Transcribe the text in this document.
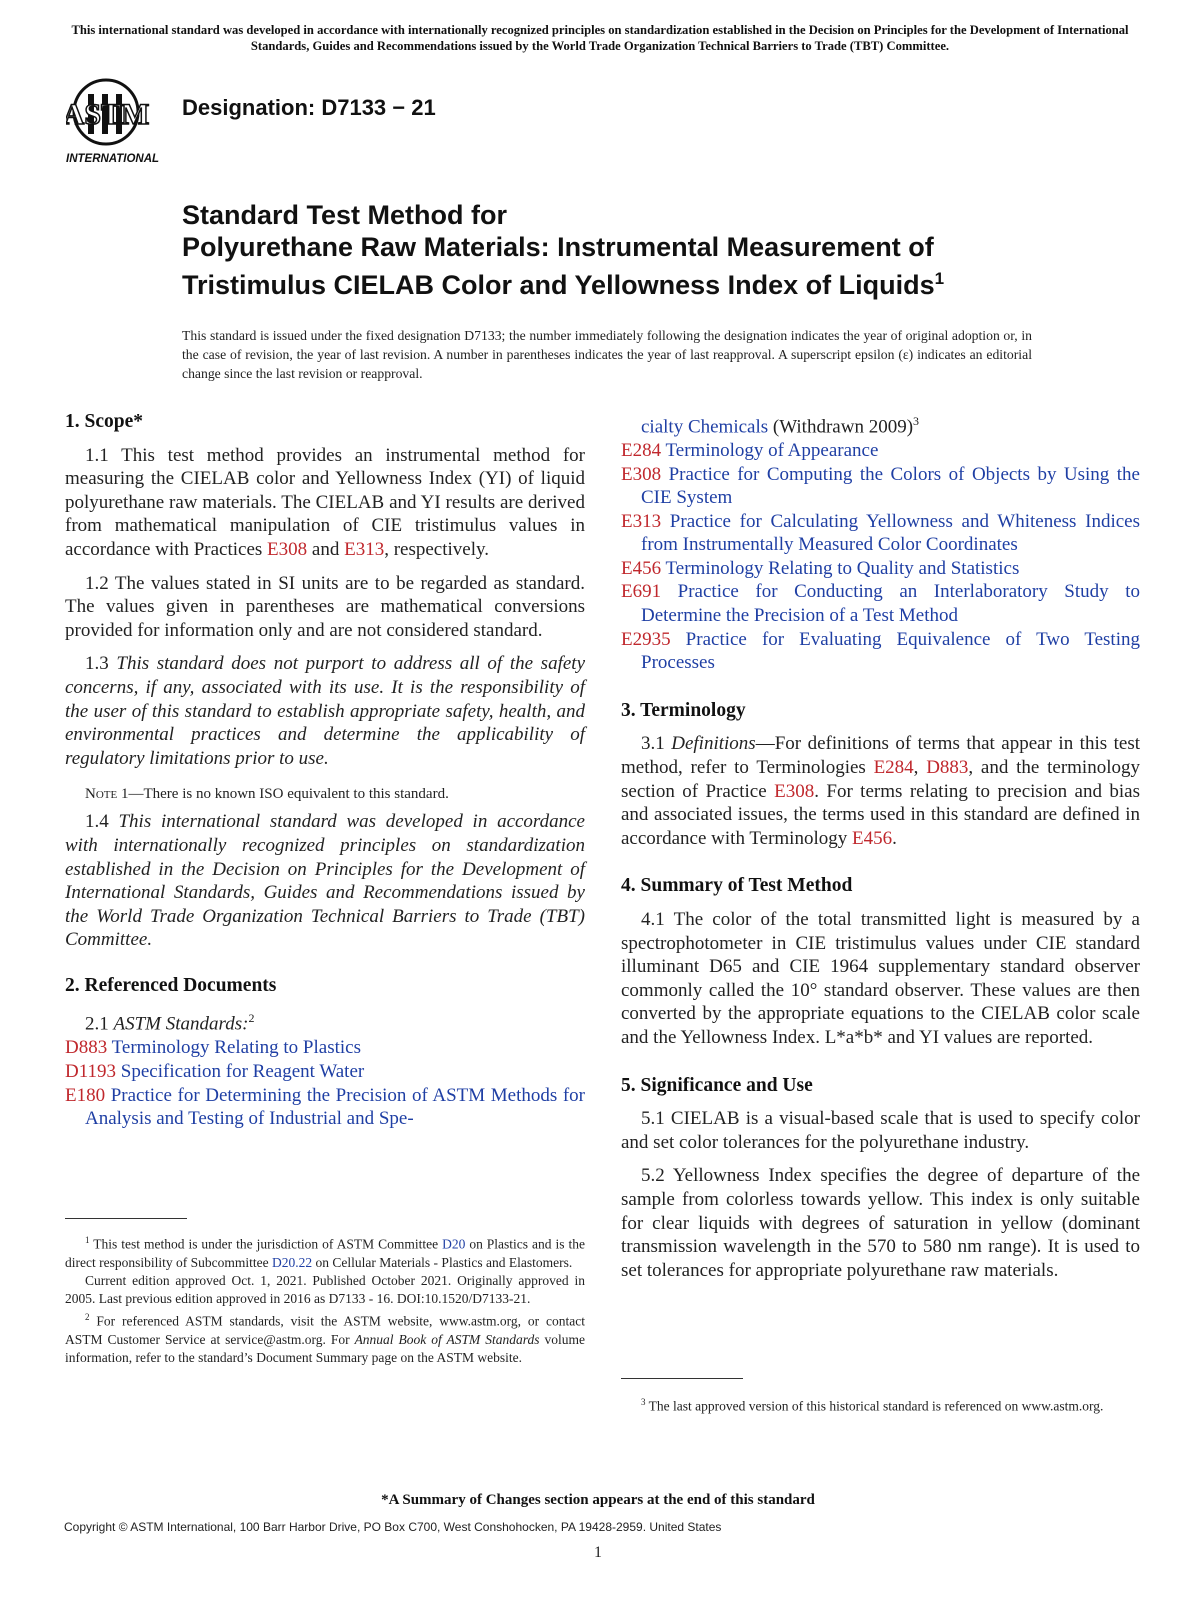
This international standard was developed in accordance with internationally recognized principles on standardization established in the Decision on Principles for the Development of International Standards, Guides and Recommendations issued by the World Trade Organization Technical Barriers to Trade (TBT) Committee.
ASTM
INTERNATIONAL
Designation: D7133 − 21
Standard Test Method for
Polyurethane Raw Materials: Instrumental Measurement of
Tristimulus CIELAB Color and Yellowness Index of Liquids$^1$
This standard is issued under the fixed designation D7133; the number immediately following the designation indicates the year of original adoption or, in the case of revision, the year of last revision. A number in parentheses indicates the year of last reapproval. A superscript epsilon (ε) indicates an editorial change since the last revision or reapproval.
1. Scope*

1.1 This test method provides an instrumental method for measuring the CIELAB color and Yellowness Index (YI) of liquid polyurethane raw materials. The CIELAB and YI results are derived from mathematical manipulation of CIE tristimulus values in accordance with Practices E308 and E313, respectively.

1.2 The values stated in SI units are to be regarded as standard. The values given in parentheses are mathematical conversions provided for information only and are not considered standard.

1.3 This standard does not purport to address all of the safety concerns, if any, associated with its use. It is the responsibility of the user of this standard to establish appropriate safety, health, and environmental practices and determine the applicability of regulatory limitations prior to use.

Note 1—There is no known ISO equivalent to this standard.

1.4 This international standard was developed in accordance with internationally recognized principles on standardization established in the Decision on Principles for the Development of International Standards, Guides and Recommendations issued by the World Trade Organization Technical Barriers to Trade (TBT) Committee.

2. Referenced Documents

2.1 ASTM Standards:$^2$

D883 Terminology Relating to Plastics
D1193 Specification for Reagent Water
E180 Practice for Determining the Precision of ASTM Methods for Analysis and Testing of Industrial and Spe-

$^1$ This test method is under the jurisdiction of ASTM Committee D20 on Plastics and is the direct responsibility of Subcommittee D20.22 on Cellular Materials - Plastics and Elastomers.

Current edition approved Oct. 1, 2021. Published October 2021. Originally approved in 2005. Last previous edition approved in 2016 as D7133 - 16. DOI:10.1520/D7133-21.

$^2$ For referenced ASTM standards, visit the ASTM website, www.astm.org, or contact ASTM Customer Service at service@astm.org. For Annual Book of ASTM Standards volume information, refer to the standard’s Document Summary page on the ASTM website.

cialty Chemicals (Withdrawn 2009)$^3$
E284 Terminology of Appearance
E308 Practice for Computing the Colors of Objects by Using the CIE System
E313 Practice for Calculating Yellowness and Whiteness Indices from Instrumentally Measured Color Coordinates
E456 Terminology Relating to Quality and Statistics
E691 Practice for Conducting an Interlaboratory Study to Determine the Precision of a Test Method
E2935 Practice for Evaluating Equivalence of Two Testing Processes
3. Terminology

3.1 Definitions—For definitions of terms that appear in this test method, refer to Terminologies E284, D883, and the terminology section of Practice E308. For terms relating to precision and bias and associated issues, the terms used in this standard are defined in accordance with Terminology E456.

4. Summary of Test Method

4.1 The color of the total transmitted light is measured by a spectrophotometer in CIE tristimulus values under CIE standard illuminant D65 and CIE 1964 supplementary standard observer commonly called the 10° standard observer. These values are then converted by the appropriate equations to the CIELAB color scale and the Yellowness Index. L*a*b* and YI values are reported.

5. Significance and Use

5.1 CIELAB is a visual-based scale that is used to specify color and set color tolerances for the polyurethane industry.

5.2 Yellowness Index specifies the degree of departure of the sample from colorless towards yellow. This index is only suitable for clear liquids with degrees of saturation in yellow (dominant transmission wavelength in the 570 to 580 nm range). It is used to set tolerances for appropriate polyurethane raw materials.

$^3$ The last approved version of this historical standard is referenced on www.astm.org.

*A Summary of Changes section appears at the end of this standard
Copyright © ASTM International, 100 Barr Harbor Drive, PO Box C700, West Conshohocken, PA 19428-2959. United States
1
